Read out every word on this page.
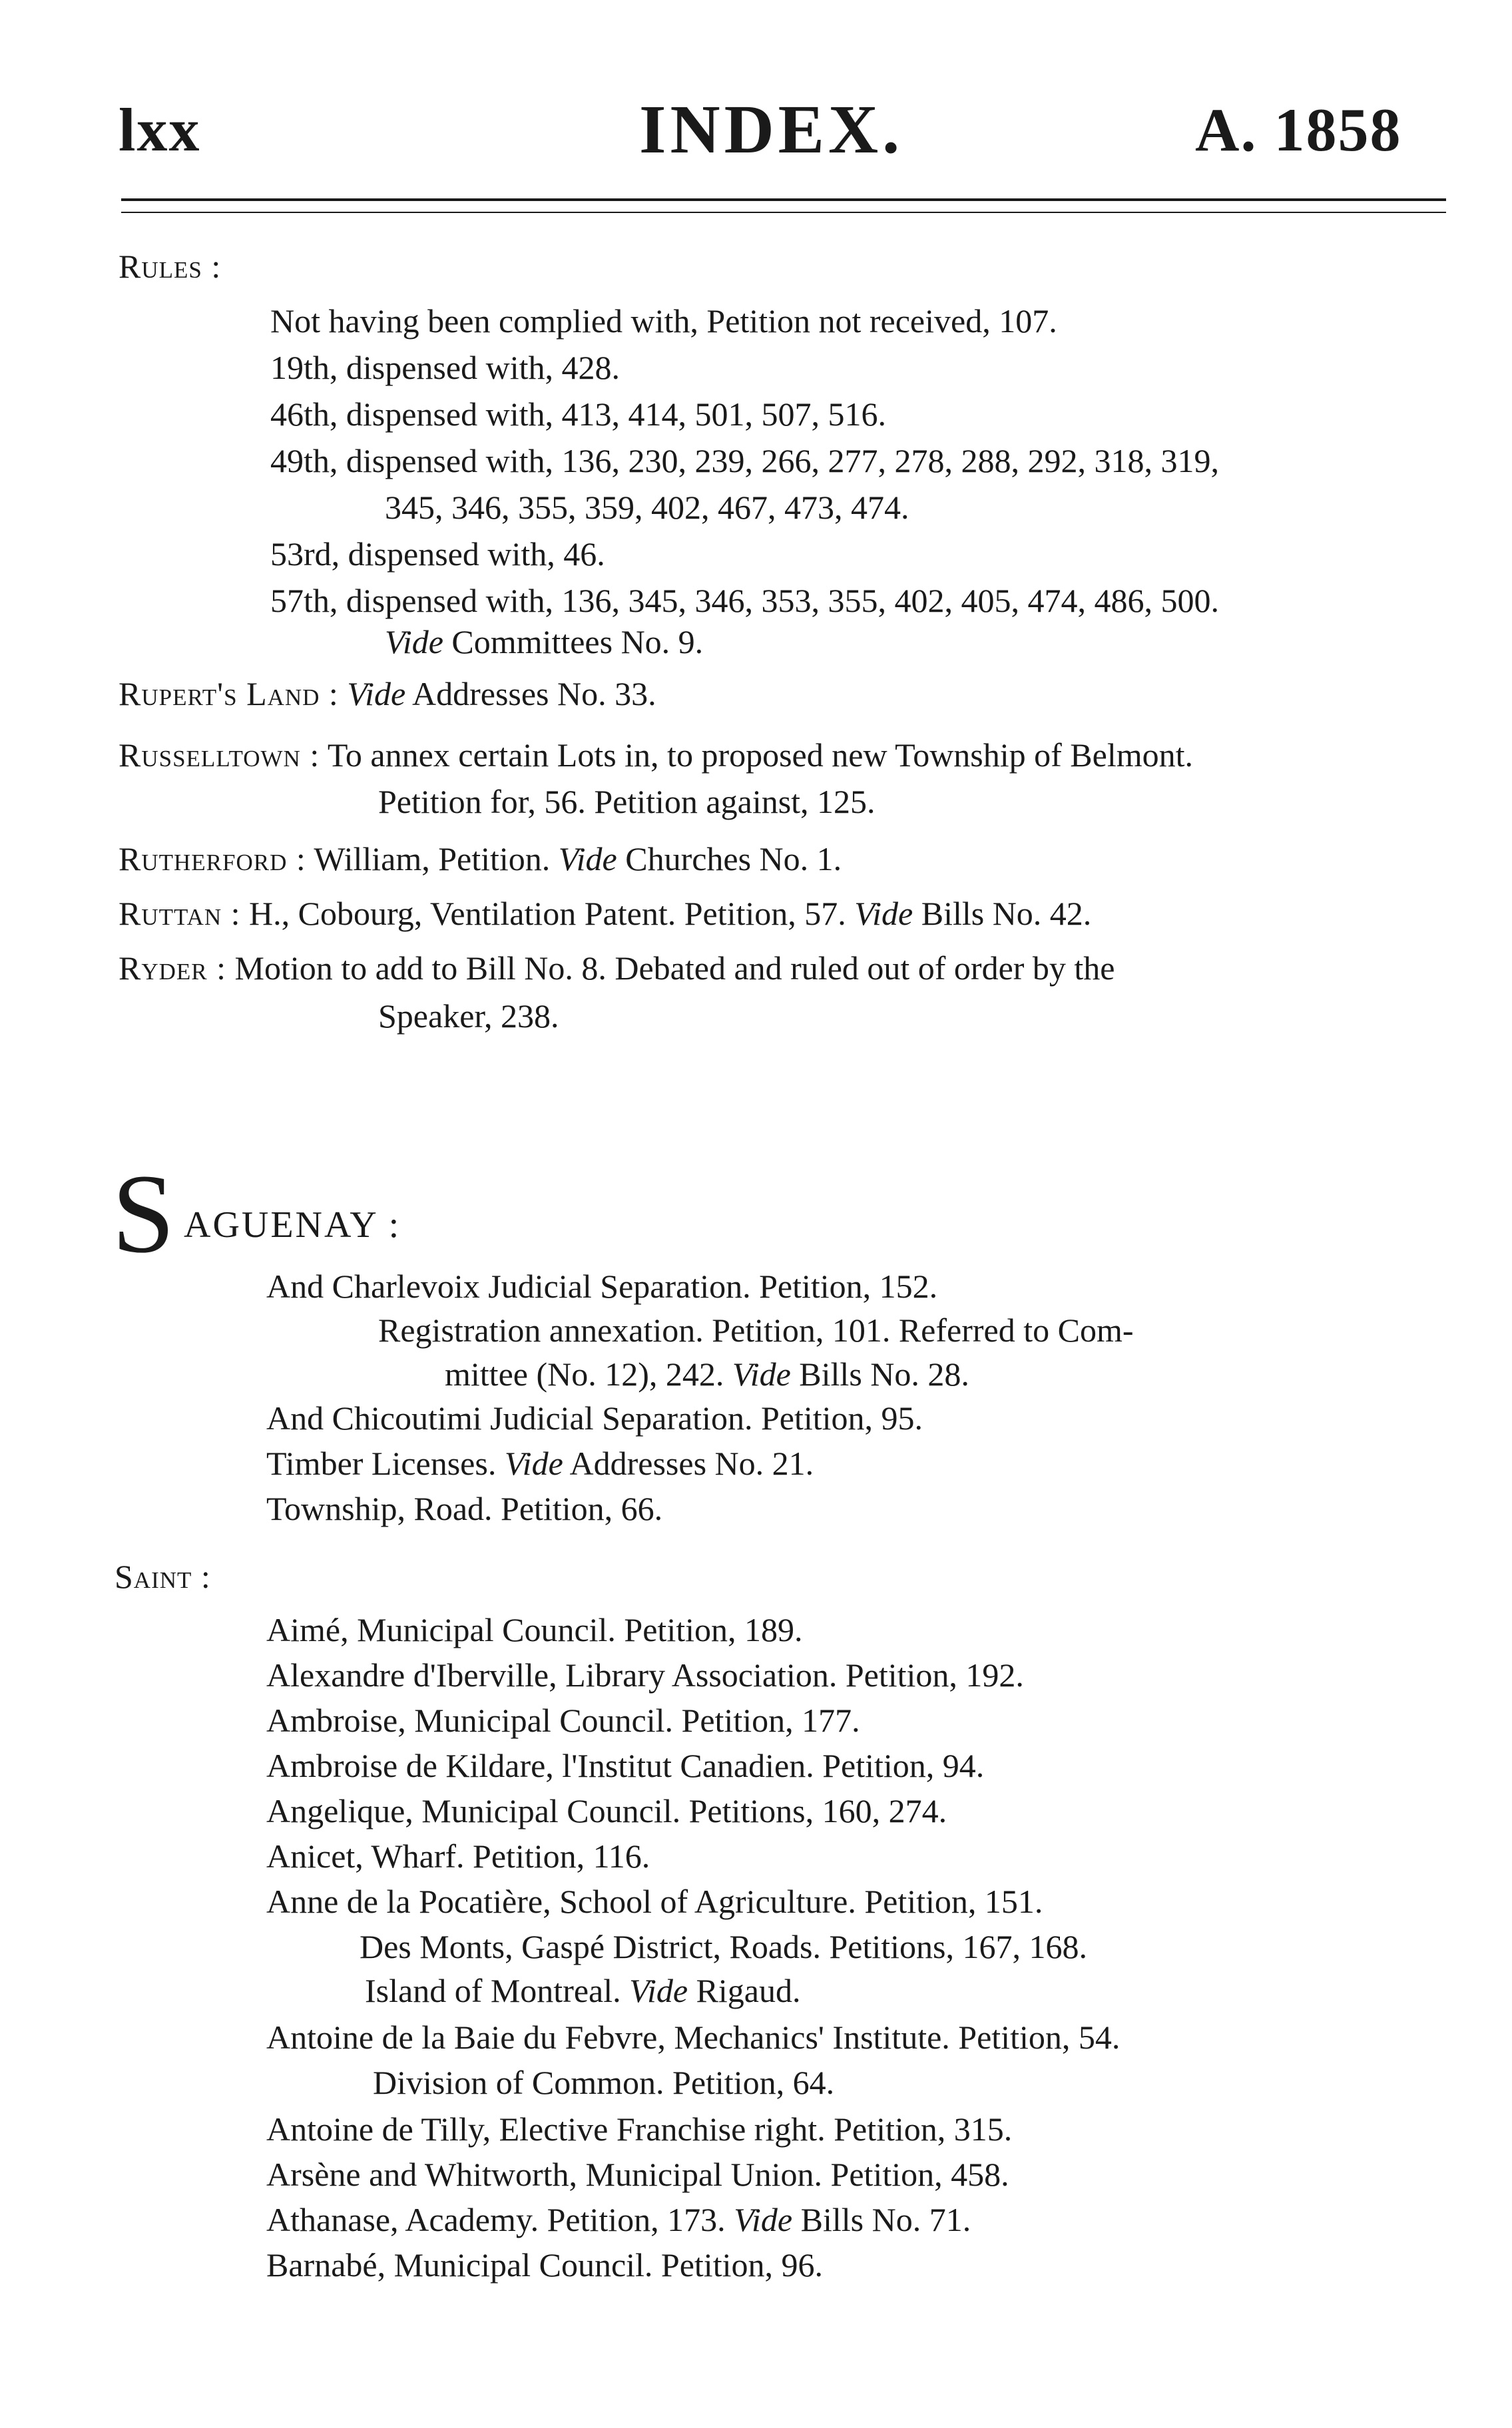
lxx	INDEX.	A. 1858
Rules :
Not having been complied with, Petition not received, 107.
19th, dispensed with, 428.
46th, dispensed with, 413, 414, 501, 507, 516.
49th, dispensed with, 136, 230, 239, 266, 277, 278, 288, 292, 318, 319,
345, 346, 355, 359, 402, 467, 473, 474.
53rd, dispensed with, 46.
57th, dispensed with, 136, 345, 346, 353, 355, 402, 405, 474, 486, 500.
Vide Committees No. 9.
Rupert's Land : Vide Addresses No. 33.
Russelltown : To annex certain Lots in, to proposed new Township of Belmont.
Petition for, 56. Petition against, 125.
Rutherford : William, Petition. Vide Churches No. 1.
Ruttan : H., Cobourg, Ventilation Patent. Petition, 57. Vide Bills No. 42.
Ryder : Motion to add to Bill No. 8. Debated and ruled out of order by the
Speaker, 238.
S AGUENAY :
And Charlevoix Judicial Separation. Petition, 152.
Registration annexation. Petition, 101. Referred to Com-
mittee (No. 12), 242. Vide Bills No. 28.
And Chicoutimi Judicial Separation. Petition, 95.
Timber Licenses. Vide Addresses No. 21.
Township, Road. Petition, 66.
Saint :
Aimé, Municipal Council. Petition, 189.
Alexandre d'Iberville, Library Association. Petition, 192.
Ambroise, Municipal Council. Petition, 177.
Ambroise de Kildare, l'Institut Canadien. Petition, 94.
Angelique, Municipal Council. Petitions, 160, 274.
Anicet, Wharf. Petition, 116.
Anne de la Pocatière, School of Agriculture. Petition, 151.
Des Monts, Gaspé District, Roads. Petitions, 167, 168.
Island of Montreal. Vide Rigaud.
Antoine de la Baie du Febvre, Mechanics' Institute. Petition, 54.
Division of Common. Petition, 64.
Antoine de Tilly, Elective Franchise right. Petition, 315.
Arsène and Whitworth, Municipal Union. Petition, 458.
Athanase, Academy. Petition, 173. Vide Bills No. 71.
Barnabé, Municipal Council. Petition, 96.
